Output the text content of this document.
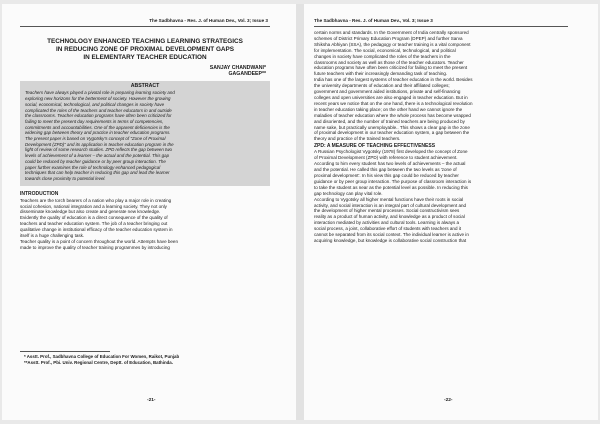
The Sadbhavna - Res. J. of Human Dev., Vol. 3; Issue 3
TECHNOLOGY ENHANCED TEACHING LEARNING STRATEGICS
IN REDUCING ZONE OF PROXIMAL DEVELOPMENT GAPS
IN ELEMENTARY TEACHER EDUCATION
SANJAY CHANDWANI*
GAGANDEEP**
ABSTRACT
Teachers have always played a pivotal role in preparing learning society and
exploring new horizons for the betterment of society. However the growing
social, economical, technological, and political changes in society have
complicated the roles of the teachers and teacher educators in and outside
the classrooms. Teacher education programs have often been criticized for
failing to meet the present day requirements in terms of competencies,
commitments and accountabilities. One of the apparent deficiencies is the
widening gap between theory and practice in teacher education programs.
The present paper is based on Vygotsky's concept of "Zone of Proximal
Development (ZPD)" and its application in teacher education program in the
light of review of some research studies. ZPD reflects the gap between two
levels of achievement of a learner – the actual and the potential. This gap
could be reduced by teacher guidance or by peer group interaction. The
paper further examines the role of technology enhanced pedagogical
techniques that can help teacher in reducing this gap and lead the learner
towards close proximity to potential level.
INTRODUCTION
Teachers are the torch bearers of a nation who play a major role in creating
social cohesion, national integration and a learning society. They not only
disseminate knowledge but also create and generate new knowledge.
Evidently the quality of education is a direct consequence of the quality of
teachers and teacher education system. The job of a teacher bringing out
qualitative change in institutional efficacy of the teacher education system in
itself is a huge challenging task.
Teacher quality is a point of concern throughout the world. Attempts have been
made to improve the quality of teacher training programmes by introducing
* Asstt. Prof., Sadbhavna College of Education For Women, Raikot, Punjab
**Asstt. Prof., Pbi. Univ. Regional Centre, Deptt. of Education, Bathinda.
-21-
The Sadbhavna - Res. J. of Human Dev., Vol. 3; Issue 3
certain norms and standards. In the Government of India centrally sponsored
schemes of District Primary Education Program (DPEP) and further Sarva
Shiksha Abhiyan (SSA), the pedagogy or teacher training is a vital component
for implementation. The social, economical, technological, and political
changes in society have complicated the roles of the teachers in the
classrooms and society as well as those of the teacher educators. Teacher
education programs have often been criticized for failing to meet the present
future teachers with their increasingly demanding task of teaching.
India has one of the largest systems of teacher education in the world. Besides
the university departments of education and their affiliated colleges;
government and government aided institutions, private and self-financing
colleges and open universities are also engaged in teacher education. But in
recent years we notice that on the one hand, there is a technological revolution
in teacher education taking place; on the other hand we cannot ignore the
maladies of teacher education where the whole process has become wrapped
and disoriented, and the number of trained teachers are being produced by
name sake, but practically unemployable.. This shows a clear gap in the zone
of proximal development in our teacher education system, a gap between the
theory and practice of the trained teachers.
ZPD: A MEASURE OF TEACHING EFFECTIVENESS
A Russian Psychologist Vygotsky (1978) first developed the concept of Zone
of Proximal Development (ZPD) with reference to student achievement.
According to him every student has two levels of achievements – the actual
and the potential. He called this gap between the two levels as 'zone of
proximal development'. In his view this gap could be reduced by teacher
guidance or by peer group interaction. The purpose of classroom interaction is
to take the student as near as the potential level as possible. In reducing this
gap technology can play vital role.
According to Vygotsky all higher mental functions have their roots in social
activity, and social interaction is an integral part of cultural development and
the development of higher mental processes. Social constructivism sees
reality as a product of human activity, and knowledge as a product of social
interaction mediated by activities and cultural tools. Learning is always a
social process, a joint, collaborative effort of students with teachers and it
cannot be separated from its social context. The individual learner is active in
acquiring knowledge, but knowledge is collaborative social construction that
-22-
